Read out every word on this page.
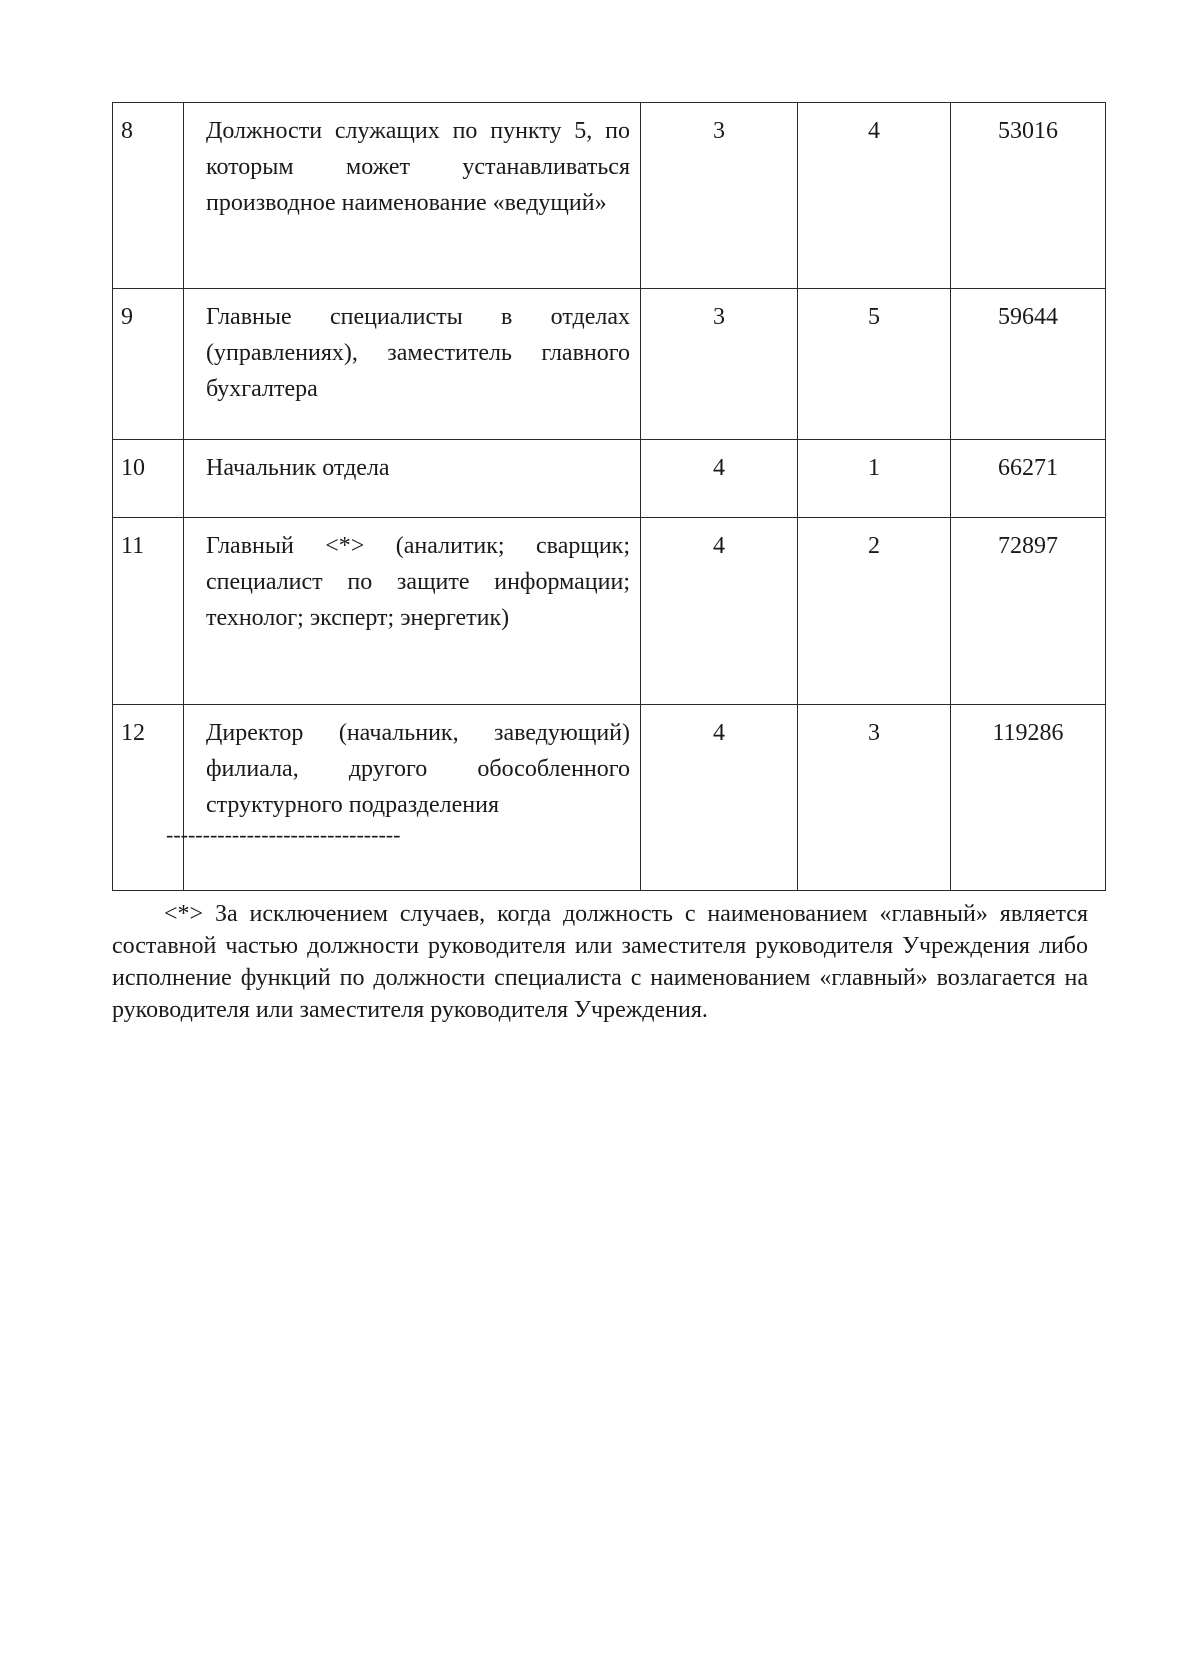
8	Должности служащих по пункту 5, по которым может устанавливаться производное наименование «ведущий»	3	4	53016
9	Главные специалисты в отделах (управлениях), заместитель главного бухгалтера	3	5	59644
10	Начальник отдела	4	1	66271
11	Главный <*> (аналитик; сварщик; специалист по защите информации; технолог; эксперт; энергетик)	4	2	72897
12	Директор (начальник, заведующий) филиала, другого обособленного структурного подразделения	4	3	119286
--------------------------------

<*> За исключением случаев, когда должность с наименованием «главный» является составной частью должности руководителя или заместителя руководителя Учреждения либо исполнение функций по должности специалиста с наименованием «главный» возлагается на руководителя или заместителя руководителя Учреждения.
